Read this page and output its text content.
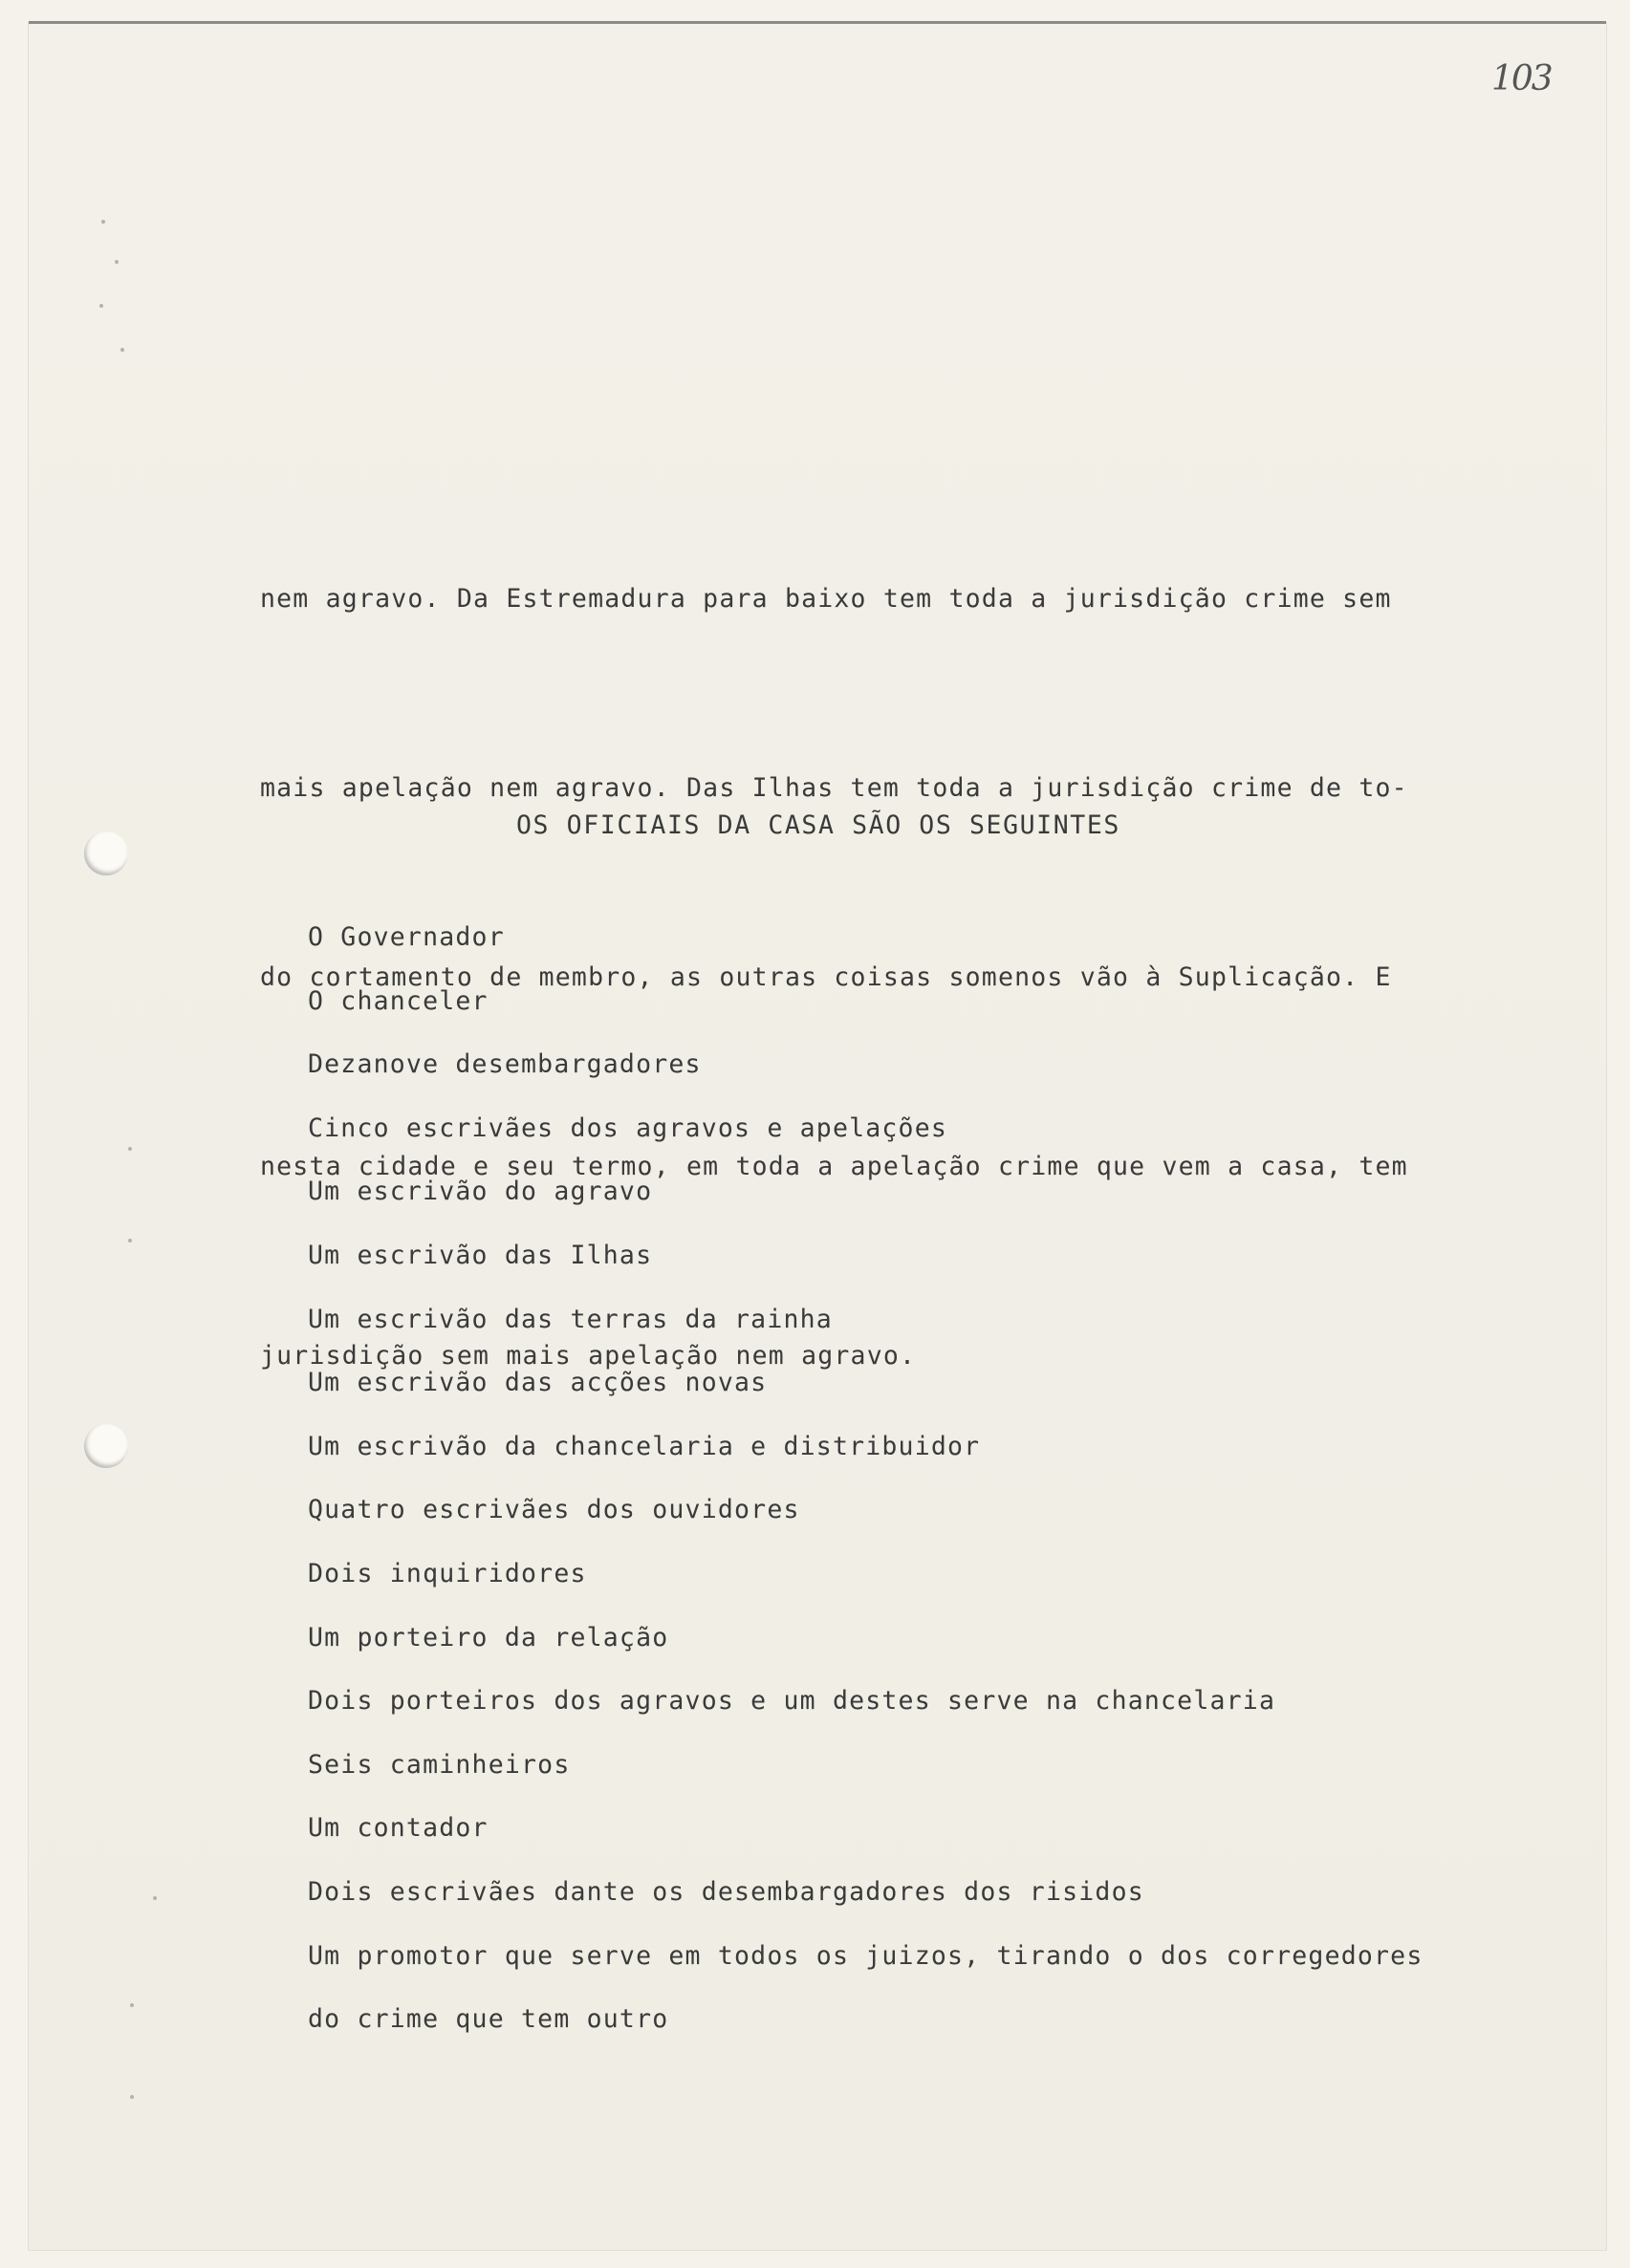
103

nem agravo. Da Estremadura para baixo tem toda a jurisdição crime sem

mais apelação nem agravo. Das Ilhas tem toda a jurisdição crime de to-

do cortamento de membro, as outras coisas somenos vão à Suplicação. E

nesta cidade e seu termo, em toda a apelação crime que vem a casa, tem

jurisdição sem mais apelação nem agravo.

OS OFICIAIS DA CASA SÃO OS SEGUINTES
O Governador
O chanceler
Dezanove desembargadores
Cinco escrivães dos agravos e apelações
Um escrivão do agravo
Um escrivão das Ilhas
Um escrivão das terras da rainha
Um escrivão das acções novas
Um escrivão da chancelaria e distribuidor
Quatro escrivães dos ouvidores
Dois inquiridores
Um porteiro da relação
Dois porteiros dos agravos e um destes serve na chancelaria
Seis caminheiros
Um contador
Dois escrivães dante os desembargadores dos risidos
Um promotor que serve em todos os juizos, tirando o dos corregedores
do crime que tem outro
